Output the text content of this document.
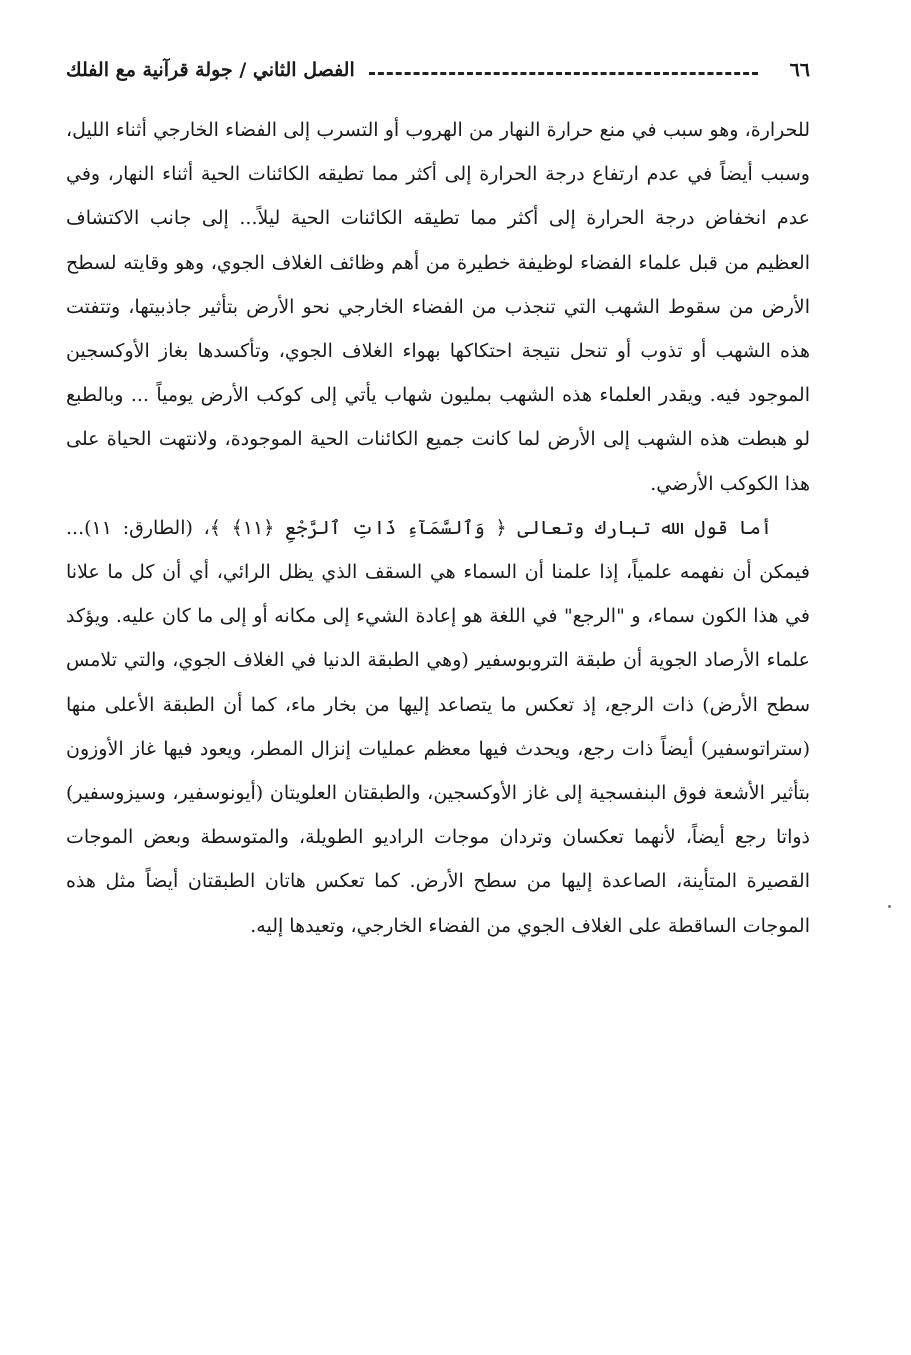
٦٦
الفصل الثاني / جولة قرآنية مع الفلك

للحرارة، وهو سبب في منع حرارة النهار من الهروب أو التسرب إلى الفضاء الخارجي أثناء الليل، وسبب أيضاً في عدم ارتفاع درجة الحرارة إلى أكثر مما تطيقه الكائنات الحية أثناء النهار، وفي عدم انخفاض درجة الحرارة إلى أكثر مما تطيقه الكائنات الحية ليلاً... إلى جانب الاكتشاف العظيم من قبل علماء الفضاء لوظيفة خطيرة من أهم وظائف الغلاف الجوي، وهو وقايته لسطح الأرض من سقوط الشهب التي تنجذب من الفضاء الخارجي نحو الأرض بتأثير جاذبيتها، وتتفتت هذه الشهب أو تذوب أو تنحل نتيجة احتكاكها بهواء الغلاف الجوي، وتأكسدها بغاز الأوكسجين الموجود فيه. ويقدر العلماء هذه الشهب بمليون شهاب يأتي إلى كوكب الأرض يومياً ... وبالطبع لو هبطت هذه الشهب إلى الأرض لما كانت جميع الكائنات الحية الموجودة، ولانتهت الحياة على هذا الكوكب الأرضي.

أما قول الله تبارك وتعالى ﴿ وَٱلسَّمَآءِ ذَاتِ ٱلرَّجْعِ ﴿١١﴾ ﴾، (الطارق: ١١)... فيمكن أن نفهمه علمياً، إذا علمنا أن السماء هي السقف الذي يظل الرائي، أي أن كل ما علانا في هذا الكون سماء، و "الرجع" في اللغة هو إعادة الشيء إلى مكانه أو إلى ما كان عليه. ويؤكد علماء الأرصاد الجوية أن طبقة التروبوسفير (وهي الطبقة الدنيا في الغلاف الجوي، والتي تلامس سطح الأرض) ذات الرجع، إذ تعكس ما يتصاعد إليها من بخار ماء، كما أن الطبقة الأعلى منها (ستراتوسفير) أيضاً ذات رجع، ويحدث فيها معظم عمليات إنزال المطر، ويعود فيها غاز الأوزون بتأثير الأشعة فوق البنفسجية إلى غاز الأوكسجين، والطبقتان العلويتان (أيونوسفير، وسيزوسفير) ذواتا رجع أيضاً، لأنهما تعكسان وتردان موجات الراديو الطويلة، والمتوسطة وبعض الموجات القصيرة المتأينة، الصاعدة إليها من سطح الأرض. كما تعكس هاتان الطبقتان أيضاً مثل هذه الموجات الساقطة على الغلاف الجوي من الفضاء الخارجي، وتعيدها إليه.
